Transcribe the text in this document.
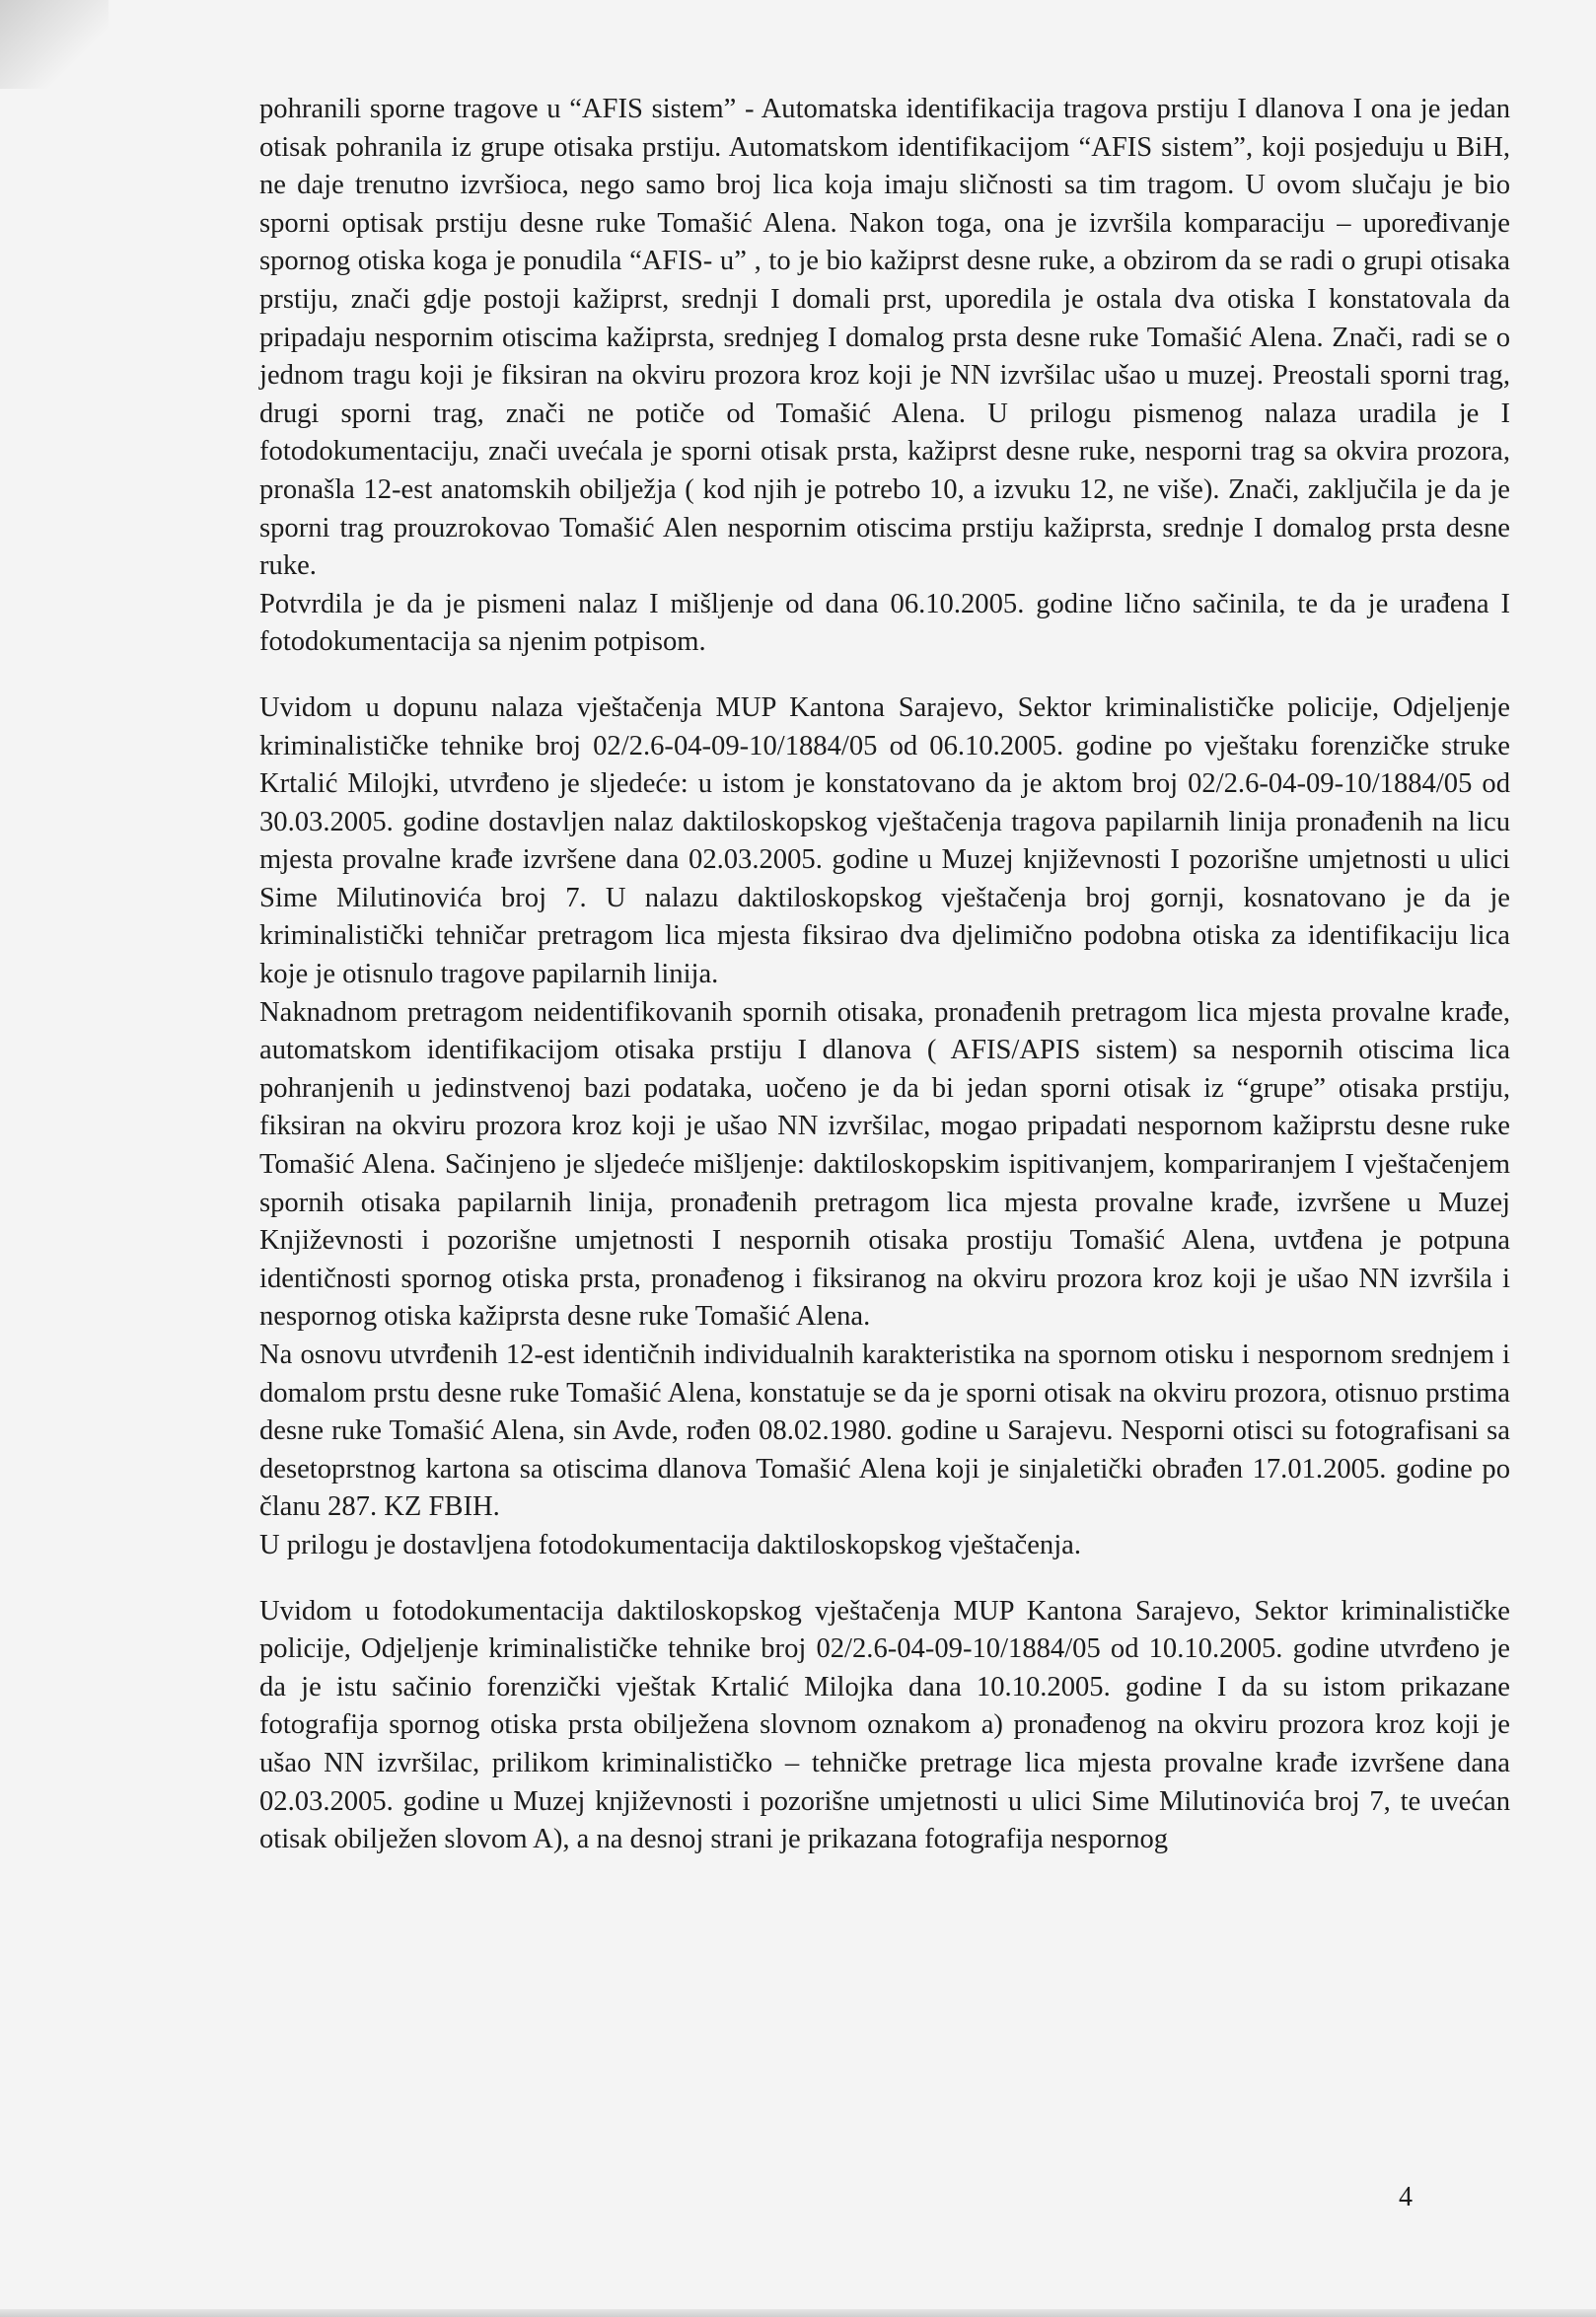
pohranili sporne tragove u “AFIS sistem” - Automatska identifikacija tragova prstiju I dlanova I ona je jedan otisak pohranila iz grupe otisaka prstiju. Automatskom identifikacijom “AFIS sistem”, koji posjeduju u BiH, ne daje trenutno izvršioca, nego samo broj lica koja imaju sličnosti sa tim tragom. U ovom slučaju je bio sporni optisak prstiju desne ruke Tomašić Alena. Nakon toga, ona je izvršila komparaciju – upoređivanje spornog otiska koga je ponudila “AFIS- u” , to je bio kažiprst desne ruke, a obzirom da se radi o grupi otisaka prstiju, znači gdje postoji kažiprst, srednji I domali prst, uporedila je ostala dva otiska I konstatovala da pripadaju nespornim otiscima kažiprsta, srednjeg I domalog prsta desne ruke Tomašić Alena. Znači, radi se o jednom tragu koji je fiksiran na okviru prozora kroz koji je NN izvršilac ušao u muzej. Preostali sporni trag, drugi sporni trag, znači ne potiče od Tomašić Alena. U prilogu pismenog nalaza uradila je I fotodokumentaciju, znači uvećala je sporni otisak prsta, kažiprst desne ruke, nesporni trag sa okvira prozora, pronašla 12-est anatomskih obilježja ( kod njih je potrebo 10, a izvuku 12, ne više). Znači, zaključila je da je sporni trag prouzrokovao Tomašić Alen nespornim otiscima prstiju kažiprsta, srednje I domalog prsta desne ruke.

Potvrdila je da je pismeni nalaz I mišljenje od dana 06.10.2005. godine lično sačinila, te da je urađena I fotodokumentacija sa njenim potpisom.

Uvidom u dopunu nalaza vještačenja MUP Kantona Sarajevo, Sektor kriminalističke policije, Odjeljenje kriminalističke tehnike broj 02/2.6-04-09-10/1884/05 od 06.10.2005. godine po vještaku forenzičke struke Krtalić Milojki, utvrđeno je sljedeće: u istom je konstatovano da je aktom broj 02/2.6-04-09-10/1884/05 od 30.03.2005. godine dostavljen nalaz daktiloskopskog vještačenja tragova papilarnih linija pronađenih na licu mjesta provalne krađe izvršene dana 02.03.2005. godine u Muzej književnosti I pozorišne umjetnosti u ulici Sime Milutinovića broj 7. U nalazu daktiloskopskog vještačenja broj gornji, kosnatovano je da je kriminalistički tehničar pretragom lica mjesta fiksirao dva djelimično podobna otiska za identifikaciju lica koje je otisnulo tragove papilarnih linija.

Naknadnom pretragom neidentifikovanih spornih otisaka, pronađenih pretragom lica mjesta provalne krađe, automatskom identifikacijom otisaka prstiju I dlanova ( AFIS/APIS sistem) sa nespornih otiscima lica pohranjenih u jedinstvenoj bazi podataka, uočeno je da bi jedan sporni otisak iz “grupe” otisaka prstiju, fiksiran na okviru prozora kroz koji je ušao NN izvršilac, mogao pripadati nespornom kažiprstu desne ruke Tomašić Alena. Sačinjeno je sljedeće mišljenje: daktiloskopskim ispitivanjem, kompariranjem I vještačenjem spornih otisaka papilarnih linija, pronađenih pretragom lica mjesta provalne krađe, izvršene u Muzej Književnosti i pozorišne umjetnosti I nespornih otisaka prostiju Tomašić Alena, uvtđena je potpuna identičnosti spornog otiska prsta, pronađenog i fiksiranog na okviru prozora kroz koji je ušao NN izvršila i nespornog otiska kažiprsta desne ruke Tomašić Alena.

Na osnovu utvrđenih 12-est identičnih individualnih karakteristika na spornom otisku i nespornom srednjem i domalom prstu desne ruke Tomašić Alena, konstatuje se da je sporni otisak na okviru prozora, otisnuo prstima desne ruke Tomašić Alena, sin Avde, rođen 08.02.1980. godine u Sarajevu. Nesporni otisci su fotografisani sa desetoprstnog kartona sa otiscima dlanova Tomašić Alena koji je sinjaletički obrađen 17.01.2005. godine po članu 287. KZ FBIH.

U prilogu je dostavljena fotodokumentacija daktiloskopskog vještačenja.

Uvidom u fotodokumentacija daktiloskopskog vještačenja MUP Kantona Sarajevo, Sektor kriminalističke policije, Odjeljenje kriminalističke tehnike broj 02/2.6-04-09-10/1884/05 od 10.10.2005. godine utvrđeno je da je istu sačinio forenzički vještak Krtalić Milojka dana 10.10.2005. godine I da su istom prikazane fotografija spornog otiska prsta obilježena slovnom oznakom a) pronađenog na okviru prozora kroz koji je ušao NN izvršilac, prilikom kriminalističko – tehničke pretrage lica mjesta provalne krađe izvršene dana 02.03.2005. godine u Muzej književnosti i pozorišne umjetnosti u ulici Sime Milutinovića broj 7, te uvećan otisak obilježen slovom A), a na desnoj strani je prikazana fotografija nespornog

4
